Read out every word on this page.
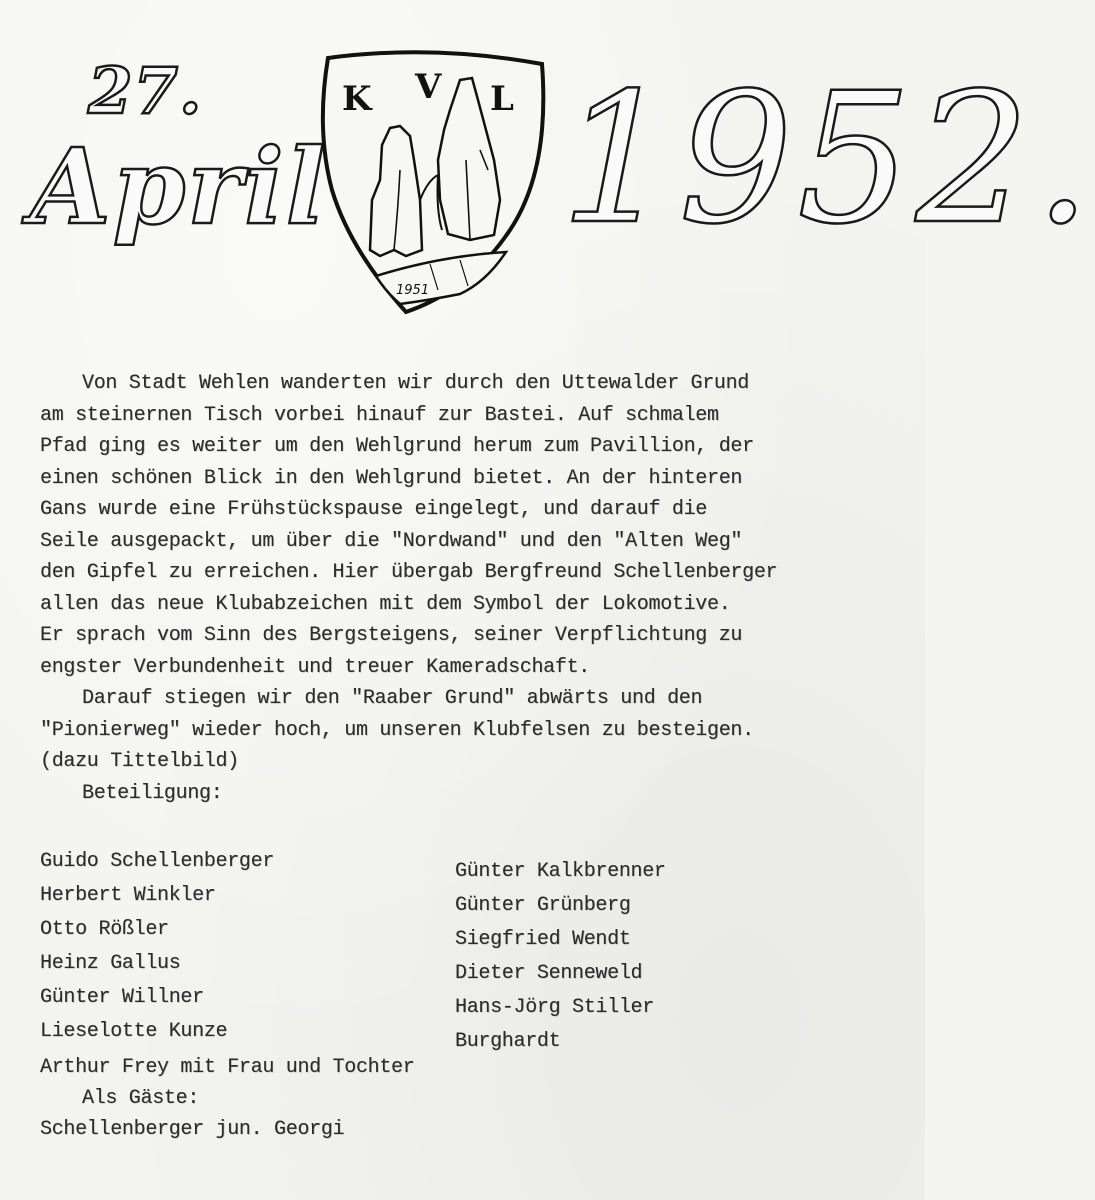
27.
April 1952.
K V L
1951
Von Stadt Wehlen wanderten wir durch den Uttewalder Grund
am steinernen Tisch vorbei hinauf zur Bastei. Auf schmalem
Pfad ging es weiter um den Wehlgrund herum zum Pavillion, der
einen schönen Blick in den Wehlgrund bietet. An der hinteren
Gans wurde eine Frühstückspause eingelegt, und darauf die
Seile ausgepackt, um über die "Nordwand" und den "Alten Weg"
den Gipfel zu erreichen. Hier übergab Bergfreund Schellenberger
allen das neue Klubabzeichen mit dem Symbol der Lokomotive.
Er sprach vom Sinn des Bergsteigens, seiner Verpflichtung zu
engster Verbundenheit und treuer Kameradschaft.
Darauf stiegen wir den "Raaber Grund" abwärts und den
"Pionierweg" wieder hoch, um unseren Klubfelsen zu besteigen.
(dazu Tittelbild)
Beteiligung:
Guido Schellenberger
Herbert Winkler
Otto Rößler
Heinz Gallus
Günter Willner
Lieselotte Kunze
Günter Kalkbrenner
Günter Grünberg
Siegfried Wendt
Dieter Senneweld
Hans-Jörg Stiller
Burghardt
Arthur Frey mit Frau und Tochter
Als Gäste:
Schellenberger jun. Georgi
